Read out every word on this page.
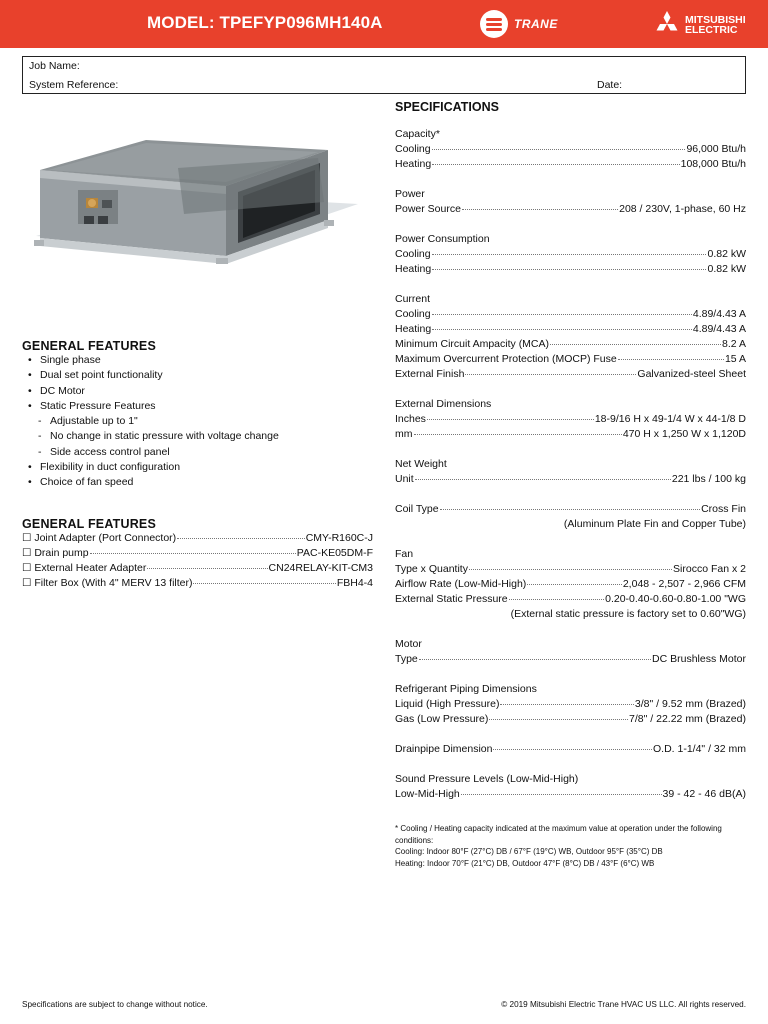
MODEL: TPEFYP096MH140A	TRANE	MITSUBISHI
ELECTRIC
Job Name:
System Reference:	Date:
GENERAL FEATURES
• Single phase
• Dual set point functionality
• DC Motor
• Static Pressure Features
- Adjustable up to 1"
- No change in static pressure with voltage change
- Side access control panel
• Flexibility in duct configuration
• Choice of fan speed
GENERAL FEATURES
☐ Joint Adapter (Port Connector)	CMY-R160C-J
☐ Drain pump	PAC-KE05DM-F
☐ External Heater Adapter	CN24RELAY-KIT-CM3
☐ Filter Box (With 4" MERV 13 filter)	FBH4-4
SPECIFICATIONS
Capacity*
Cooling	96,000 Btu/h
Heating	108,000 Btu/h
Power
Power Source	208 / 230V, 1-phase, 60 Hz
Power Consumption
Cooling	0.82 kW
Heating	0.82 kW
Current
Cooling	4.89/4.43 A
Heating	4.89/4.43 A
Minimum Circuit Ampacity (MCA)	8.2 A
Maximum Overcurrent Protection (MOCP) Fuse	15 A
External Finish	Galvanized-steel Sheet
External Dimensions
Inches	18-9/16 H x 49-1/4 W x 44-1/8 D
mm	470 H x 1,250 W x 1,120D
Net Weight
Unit	221 lbs / 100 kg
Coil Type	Cross Fin
(Aluminum Plate Fin and Copper Tube)
Fan
Type x Quantity	Sirocco Fan x 2
Airflow Rate (Low-Mid-High)	2,048 - 2,507 - 2,966 CFM
External Static Pressure	0.20-0.40-0.60-0.80-1.00 "WG
(External static pressure is factory set to 0.60"WG)
Motor
Type	DC Brushless Motor
Refrigerant Piping Dimensions
Liquid (High Pressure)	3/8" / 9.52 mm (Brazed)
Gas (Low Pressure)	7/8" / 22.22 mm (Brazed)
Drainpipe Dimension	O.D. 1-1/4" / 32 mm
Sound Pressure Levels (Low-Mid-High)
Low-Mid-High	39 - 42 - 46 dB(A)
* Cooling / Heating capacity indicated at the maximum value at operation under the following conditions:
Cooling: Indoor 80°F (27°C) DB / 67°F (19°C) WB, Outdoor 95°F (35°C) DB
Heating: Indoor 70°F (21°C) DB, Outdoor 47°F (8°C) DB / 43°F (6°C) WB
Specifications are subject to change without notice.	© 2019 Mitsubishi Electric Trane HVAC US LLC. All rights reserved.
